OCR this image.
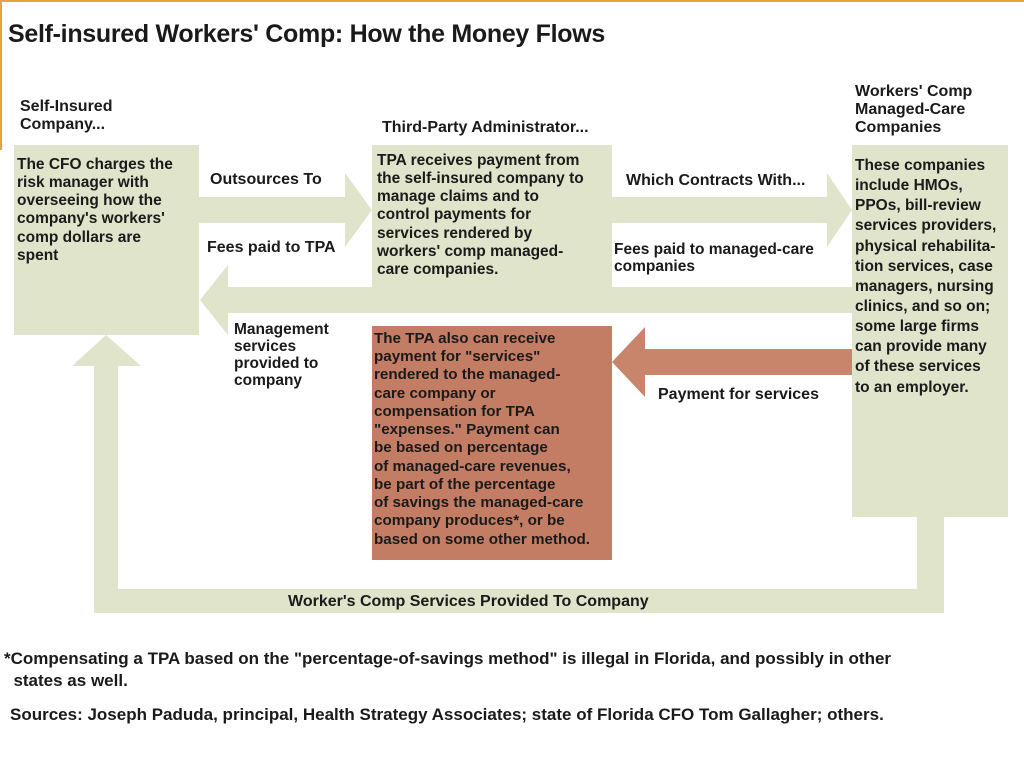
Self-insured Workers' Comp: How the Money Flows
Self-Insured
Company...
The CFO charges the
risk manager with
overseeing how the
company's workers'
comp dollars are
spent
Third-Party Administrator...
TPA receives payment from
the self-insured company to
manage claims and to
control payments for
services rendered by
workers' comp managed-
care companies.
Workers' Comp
Managed-Care
Companies
These companies
include HMOs,
PPOs, bill-review
services providers,
physical rehabilita-
tion services, case
managers, nursing
clinics, and so on;
some large firms
can provide many
of these services
to an employer.
The TPA also can receive
payment for "services"
rendered to the managed-
care company or
compensation for TPA
"expenses." Payment can
be based on percentage
of managed-care revenues,
be part of the percentage
of savings the managed-care
company produces*, or be
based on some other method.
Outsources To
Fees paid to TPA
Which Contracts With...
Fees paid to managed-care
companies
Management
services
provided to
company
Payment for services
Worker's Comp Services Provided To Company
*Compensating a TPA based on the "percentage-of-savings method" is illegal in Florida, and possibly in other
states as well.
Sources: Joseph Paduda, principal, Health Strategy Associates; state of Florida CFO Tom Gallagher; others.
